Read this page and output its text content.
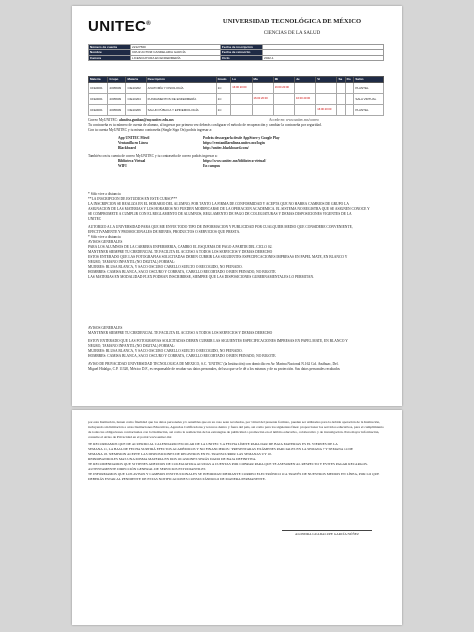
UNITEC®	UNIVERSIDAD TECNOLÓGICA DE MÉXICO
CIENCIAS DE LA SALUD
Número de cuenta	22127560	Fecha de inscripción	
Nombre	CRUZ ACTRIZ CANDELARIA GARCÍA	Fecha de reinscrito	
Carrera	LICENCIATURA EN ENFERMERÍA	Ciclo	2022-1
Materia	Grupo	Materia	Descripción	Grado	Lu	Ma	Mi	Ju	Vi	Sa	Do	Salón
CFE0001	4305909	CIE10202	ANATOMÍA Y FISIOLOGÍA	1C	16:00 20:00		16:00 20:00					PLANTEL
CFE0001	4305909	CIE10204	FUNDAMENTOS DE ENFERMERÍA	1C		16:00 20:00		16:00 20:00				SALA VIRTUAL
CFE0001	4305909	CIE10206	SALUD PÚBLICA Y EPIDEMIOLOGÍA	1C					16:00 20:00			PLANTEL
Correo MyUNITEC:
alondra.gunban@my.unitec.edu.mx	Accede en: www.unitec.mx/correo
Tu contraseña es tu número de cuenta de alumno, al ingresar por primera vez deberás configurar el método de recuperación y cambiar la contraseña por seguridad.
Con tu cuenta MyUNITEC y tu mismo contraseña (Single Sign On) podrás ingresar a:
App UNITEC Móvil	Podrás descargarla desde AppStore y Google Play
Ventanilla en Línea	https://ventanillaenlinea.unitec.mx/login
Blackboard	http://unitec.blackboard.com/
También con tu cuenta de correo MyUNITEC y tu contraseña de correo podrás ingresar a:
Biblioteca Virtual	https://www.unitec.mx/biblioteca-virtual/
WIFI	En campus
* Sólo vive a distancia
**LA INSCRIPCIÓN DE ESTUDIOS EN ESTE CURSO***
LA INSCRIPCIÓN SE REALIZA EN EL HORARIO DEL ALUMNO, POR TANTO LA FIRMA DE CONFORMIDAD Y ACEPTA QUE NO HABRÁ CAMBIOS DE GRUPO LA
ASIGNACIÓN DE LAS MATERIAS Y LOS HORARIOS NO PUEDEN MODIFICARSE DE LA OPERACIÓN ACADÉMICA. EL SISTEMA NO REGISTRA QUE SE ASIGNEN CONOCE Y
SE COMPROMETE A CUMPLIR CON EL REGLAMENTO DE ALUMNOS, REGLAMENTO DE PAGO DE COLEGIATURAS Y DEMÁS DISPOSICIONES VIGENTES DE LA
UNITEC
AUTORIZO A LA UNIVERSIDAD PARA QUE ME ENVÍE TODO TIPO DE INFORMACIÓN Y PUBLICIDAD POR CUALQUIER MEDIO QUE CONSIDERE CONVENIENTE,
EFECTIVAMENTE Y PROMOCIONALES DE BIENES, PRODUCTOS O SERVICIOS QUE PRESTA.
* Sólo vive a distancia
AVISOS GENERALES
PARA LOS ALUMNOS DE LA CARRERA ENFERMERÍA, CAMBIO EL ESQUEMA DE PAGO A PARTIR DEL CICLO 02.
MANTENER SIEMPRE TU CREDENCIAL TE FACILITA EL ACCESO A TODOS LOS SERVICIOS Y DEMÁS DERECHO
ESTOS ENTERADO QUE LAS FOTOGRAFÍAS SOLICITADAS DEBEN CUBRIR LAS SIGUIENTES ESPECIFICACIONES IMPRESAS EN PAPEL MATE, EN BLANCO Y
NEGRO, TAMAÑO INFANTIL (NO DIGITAL) FORMAL:
MUJERES: BLUSA BLANCA, Y SACO OSCURO CABELLO SUELTO O RECOGIDO, NO PEINADO.
HOMBRES: CAMISA BLANCA, SACO OSCURO Y CORBATA, CABELLO RECORTADO O BIEN PEINADO, NO BIGOTE.
LAS MATERIAS EN MODALIDAD FLEX PODRÁN INSCRIBIRSE, SIEMPRE QUE LAS DISPOSICIONES GUBERNAMENTALES LO PERMITAN.
AVISOS GENERALES
MANTENER SIEMPRE TU CREDENCIAL TE FACILITA EL ACCESO A TODOS LOS SERVICIOS Y DEMÁS DERECHO
ESTOY ENTERADO QUE LAS FOTOGRAFÍAS SOLICITADAS DEBEN CUBRIR LAS SIGUIENTES ESPECIFICACIONES IMPRESAS EN PAPEL MATE, EN BLANCO Y
NEGRO, TAMAÑO INFANTIL (NO DIGITAL) FORMAL:
MUJERES: BLUSA BLANCA, Y SACO OSCURO CABELLO SUELTO O RECOGIDO, NO PEINADO.
HOMBRES: CAMISA BLANCA, SACO OSCURO Y CORBATA, CABELLO RECORTADO O BIEN PEINADO, NO BIGOTE.
AVISO DE PRIVACIDAD UNIVERSIDAD TECNOLÓGICA DE MÉXICO, S.C. 'UNITEC' (la Institución) con domicilio en Av. Marina Nacional N.162 Col. Anáhuac, Del.
Miguel Hidalgo, C.P. 11320, México D.F., es responsable de recabar sus datos personales, del uso que se le dé a los mismos y de su protección. Sus datos personales recabados
por esta Institución, tienen como finalidad que los datos personales y/o sensibles que en su caso sean recabados, por virtud del presente formato, pueden ser utilizados para la debida operación de la Institución, incluyendo sin limitación a otras Instituciones Educativas, Agencias Calificadoras y terceros dentro y fuera del país, así como para los siguientes fines: proporcionar los servicios educativos, para el cumplimiento de todas las obligaciones contractuales con la Institución, así como la realización de las estrategias de publicidad o promoción en el ámbito educativo, colaborativo y de investigación. Para mayor información, consulte el Aviso de Privacidad en el portal www.unitec.mx
TE RECORDAMOS QUE DE ACUERDO AL CALENDARIO ESCOLAR DE LA UNITEC 'LA FECHA LÍMITE PARA DAR DE BAJA MATERIAS ES EL VIERNES DE LA
SEMANA 11, LA BAJA DE FECHA SURTIRÁ EFECTOS ACADÉMICOS Y NO FINANCIEROS.' 'PRESENTARAS EXÁMENES PARCIALES EN LA SEMANA 7 Y SEMANA 14 DE
SEMANA 18. 'REMISION ACEPTE LAS DISPOSICIONES DE REGISTROS EN EL TRANSCURRIR LAS SEMANAS 9 Y 10.
REPROBANDOLES MAS UNA MISMA MATERIA EN DOS OCASIONES SERÁS DADO DE BAJA DEFINITIVA.
TE RECOMENDAMOS QUE SI TIENES ADEUDOS DE COLEGIATURA ACUDAS A CUENTAS POR COBRAR PARA QUE TE ASESOREN AL RESPECTO Y EVITES PAGAR RECARGOS.
AUTENTAMENTE DIRECCIÓN GENERAL DE SERVICIOS ESTUDIANTILES
TE INFORMAMOS QUE LOS AVISOS Y CAMBIOS INSTITUCIONALES SE INFORMAN MEDIANTE CORREO ELECTRÓNICO O A TRAVÉS DE NUESTROS MEDIOS EN LÍNEA, POR LO QUE DEBERÁS ESTAR AL PENDIENTE DE ESTAS NOTIFICACIONES CONSULTÁNDOLO DE MANERA PERMANENTE.
ALONDRA GUADALUPE GARCÍA NÚÑEZ
